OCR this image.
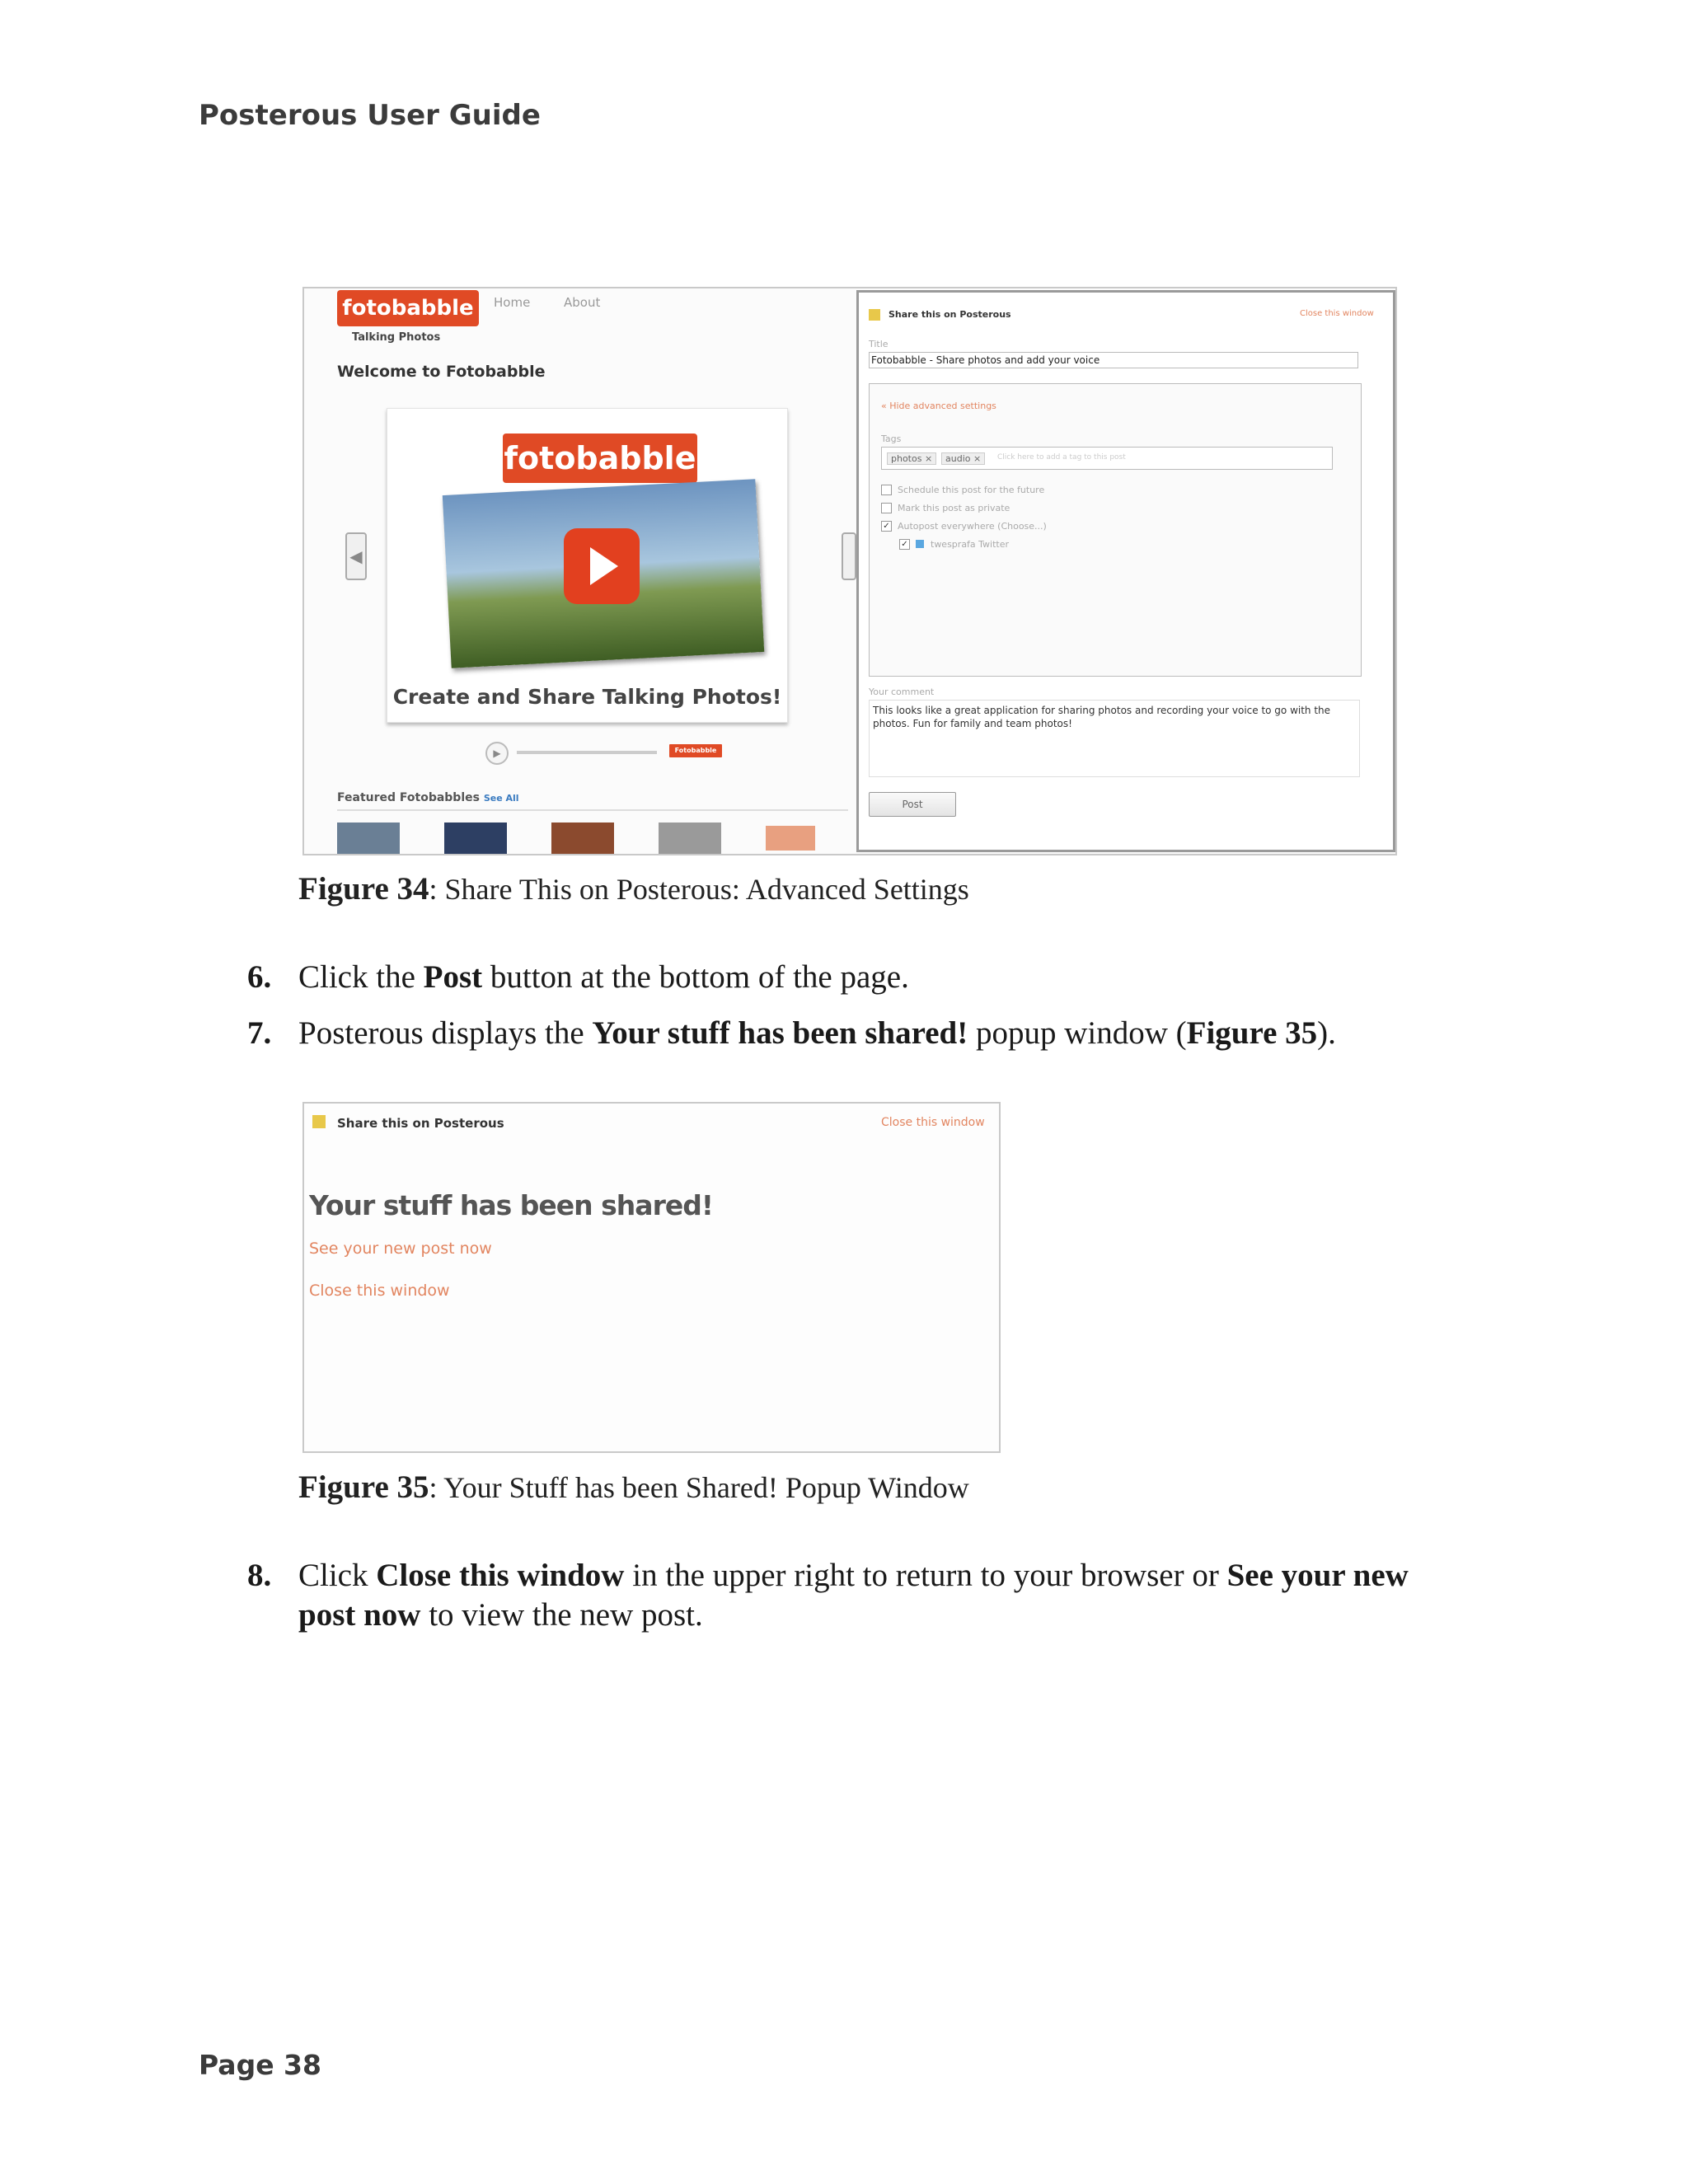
Posterous User Guide
fotobabble
Talking Photos
Home	About
Welcome to Fotobabble
fotobabble
Create and Share Talking Photos!
◀
▶	Fotobabble
Featured Fotobabbles See All
Share this on Posterous	Close this window
Title
Fotobabble - Share photos and add your voice
« Hide advanced settings
Tags
photos ×	audio ×	Click here to add a tag to this post
Schedule this post for the future
Mark this post as private
✓ Autopost everywhere (Choose...)
✓ twesprafa Twitter
Your comment
This looks like a great application for sharing photos and recording your voice to go with the photos. Fun for family and team photos!
Post
Figure 34: Share This on Posterous: Advanced Settings
6. Click the Post button at the bottom of the page.
7. Posterous displays the Your stuff has been shared! popup window (Figure 35).
Share this on Posterous	Close this window
Your stuff has been shared!
See your new post now
Close this window
Figure 35: Your Stuff has been Shared! Popup Window
8. Click Close this window in the upper right to return to your browser or See your new post now to view the new post.
Page 38
